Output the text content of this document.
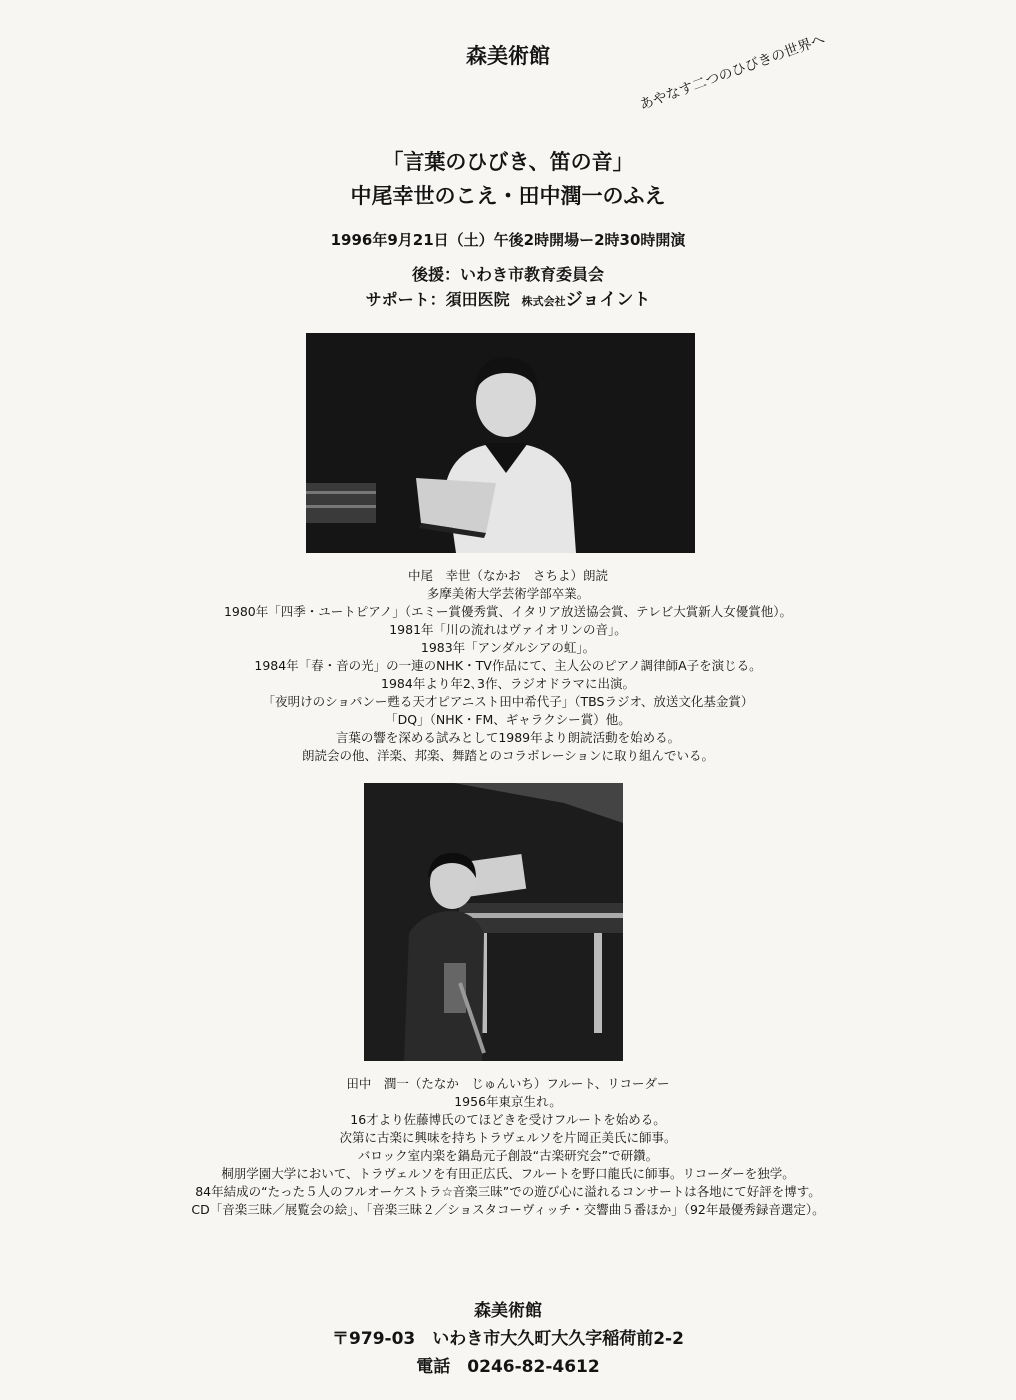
森美術館	あやなす二つのひびきの世界へ
「言葉のひびき、笛の音」
中尾幸世のこえ・田中潤一のふえ
1996年9月21日（土）午後2時開場ー2時30時開演
後援：いわき市教育委員会
サポート：須田医院 株式会社ジョイント
中尾　幸世（なかお　さちよ）朗読
多摩美術大学芸術学部卒業。
1980年「四季・ユートピアノ」（エミー賞優秀賞、イタリア放送協会賞、テレビ大賞新人女優賞他）。
1981年「川の流れはヴァイオリンの音」。
1983年「アンダルシアの虹」。
1984年「春・音の光」の一連のNHK・TV作品にて、主人公のピアノ調律師A子を演じる。
1984年より年2､3作、ラジオドラマに出演。
「夜明けのショパンー甦る天才ピアニスト田中希代子」（TBSラジオ、放送文化基金賞）
「DQ」（NHK・FM、ギャラクシー賞）他。
言葉の響を深める試みとして1989年より朗読活動を始める。
朗読会の他、洋楽、邦楽、舞踏とのコラボレーションに取り組んでいる。
田中　潤一（たなか　じゅんいち）フルート、リコーダー
1956年東京生れ。
16才より佐藤博氏のてほどきを受けフルートを始める。
次第に古楽に興味を持ちトラヴェルソを片岡正美氏に師事。
バロック室内楽を鍋島元子創設“古楽研究会”で研鑽。
桐朋学園大学において、トラヴェルソを有田正広氏、フルートを野口龍氏に師事。リコーダーを独学。
84年結成の“たった５人のフルオーケストラ☆音楽三昧”での遊び心に溢れるコンサートは各地にて好評を博す。
CD「音楽三昧／展覧会の絵」、「音楽三昧２／ショスタコーヴィッチ・交響曲５番ほか」（92年最優秀録音選定）。
森美術館
〒979-03　いわき市大久町大久字稲荷前2-2
電話　0246-82-4612
